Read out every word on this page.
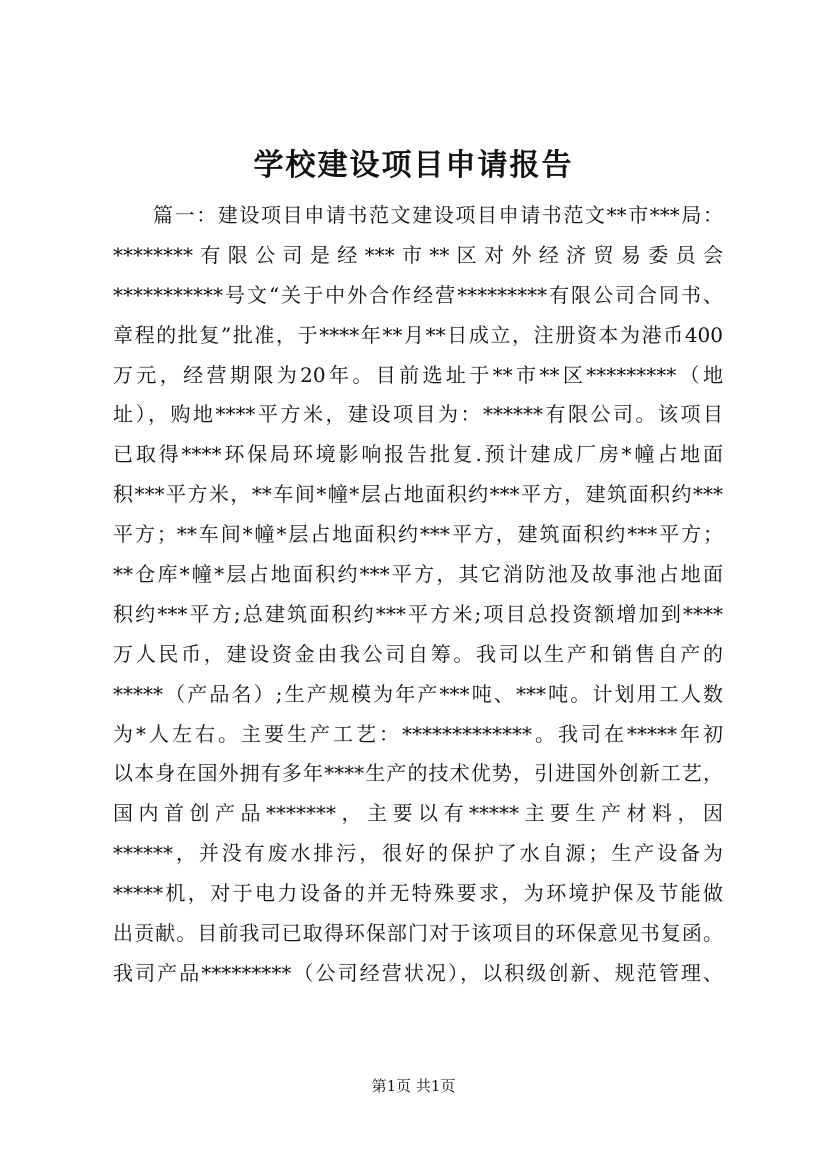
学校建设项目申请报告
篇一：建设项目申请书范文建设项目申请书范文**市***局：
********有限公司是经***市**区对外经济贸易委员会
***********号文“关于中外合作经营*********有限公司合同书、
章程的批复”批准，于****年**月**日成立，注册资本为港币400
万元，经营期限为20年。目前选址于**市**区*********（地
址），购地****平方米，建设项目为：******有限公司。该项目
已取得****环保局环境影响报告批复.预计建成厂房*幢占地面
积***平方米，**车间*幢*层占地面积约***平方，建筑面积约***
平方；**车间*幢*层占地面积约***平方，建筑面积约***平方；
**仓库*幢*层占地面积约***平方，其它消防池及故事池占地面
积约***平方;总建筑面积约***平方米;项目总投资额增加到****
万人民币，建设资金由我公司自筹。我司以生产和销售自产的
*****（产品名）;生产规模为年产***吨、***吨。计划用工人数
为*人左右。主要生产工艺：*************。我司在*****年初
以本身在国外拥有多年****生产的技术优势，引进国外创新工艺，
国内首创产品*******，主要以有*****主要生产材料，因
******，并没有废水排污，很好的保护了水自源；生产设备为
*****机，对于电力设备的并无特殊要求，为环境护保及节能做
出贡献。目前我司已取得环保部门对于该项目的环保意见书复函。
我司产品*********（公司经营状况），以积级创新、规范管理、
第1页 共1页
